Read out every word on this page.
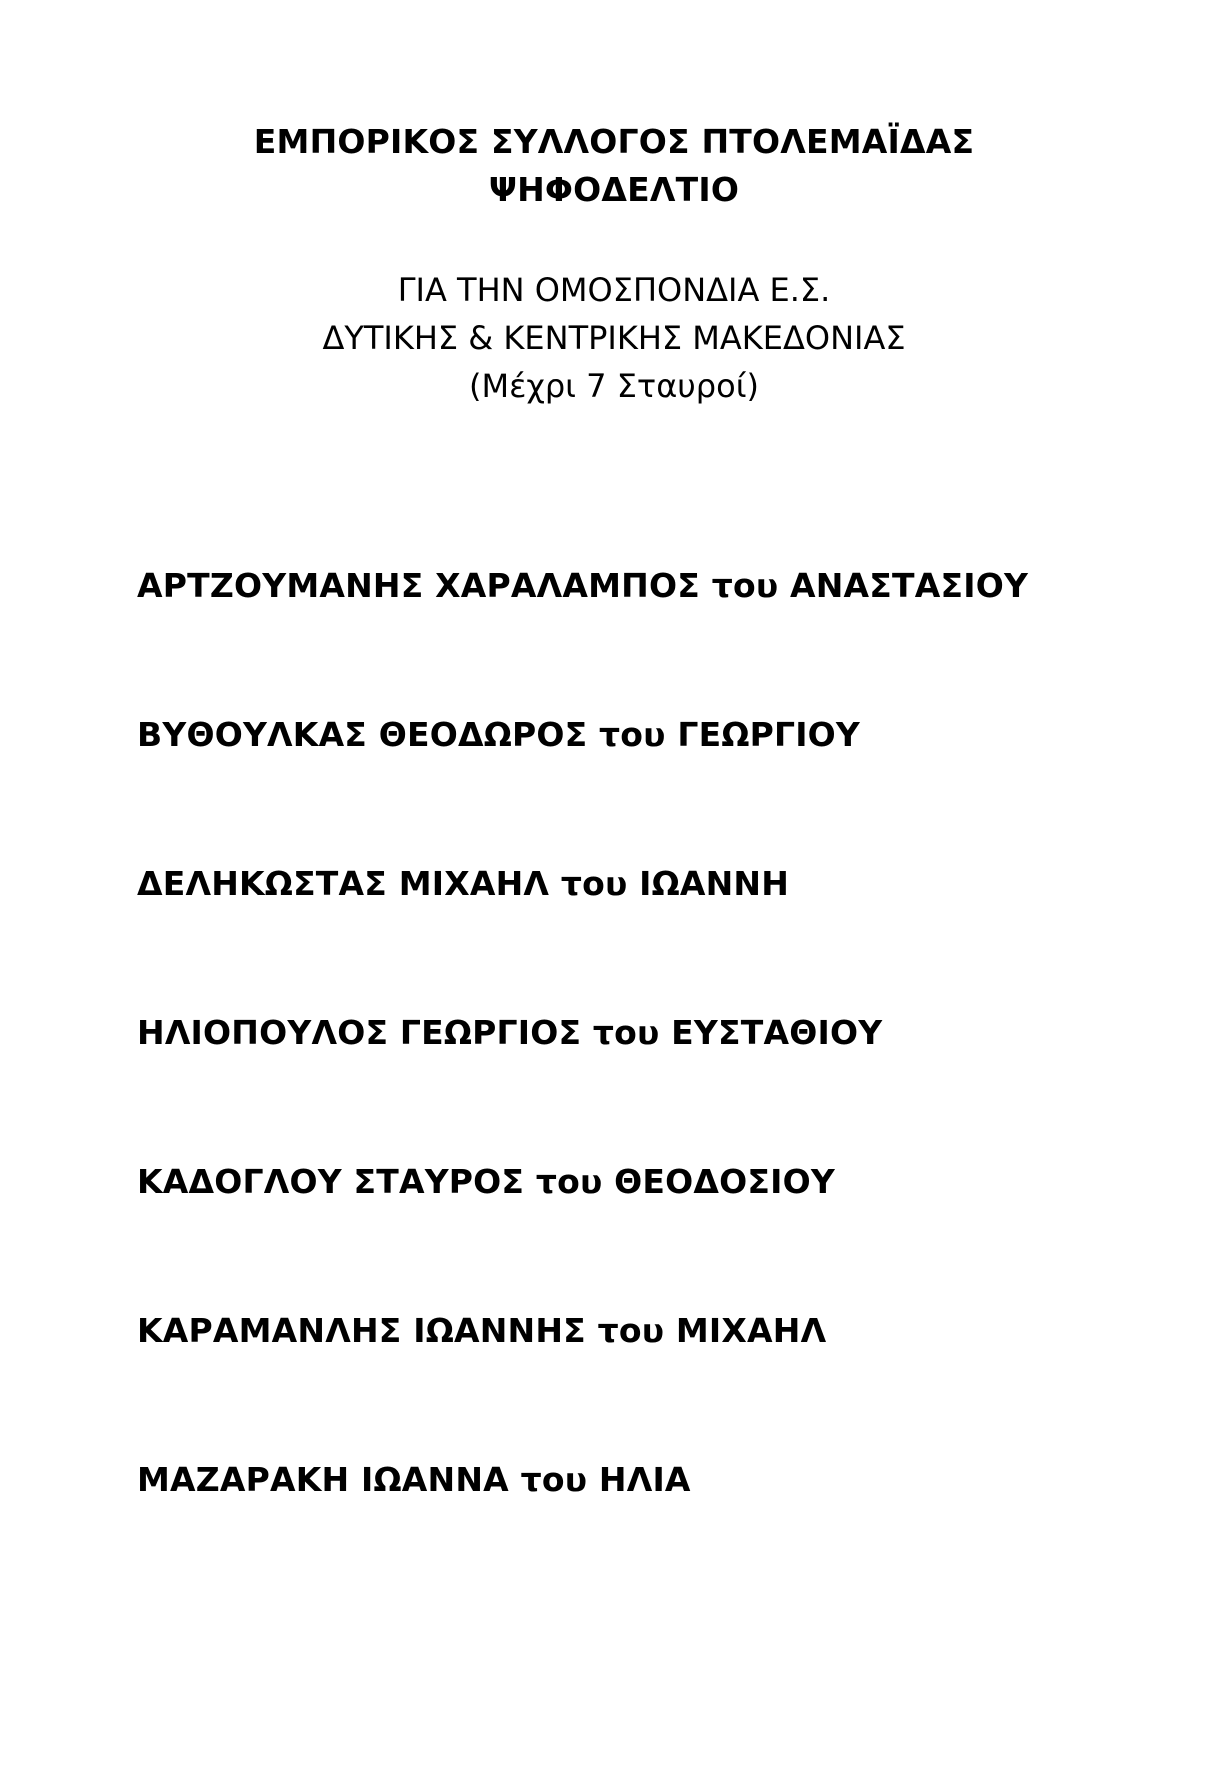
ΕΜΠΟΡΙΚΟΣ ΣΥΛΛΟΓΟΣ ΠΤΟΛΕΜΑΪΔΑΣ
ΨΗΦΟΔΕΛΤΙΟ
ΓΙΑ ΤΗΝ ΟΜΟΣΠΟΝΔΙΑ Ε.Σ.
ΔΥΤΙΚΗΣ & ΚΕΝΤΡΙΚΗΣ ΜΑΚΕΔΟΝΙΑΣ
(Μέχρι 7 Σταυροί)
ΑΡΤΖΟΥΜΑΝΗΣ ΧΑΡΑΛΑΜΠΟΣ του ΑΝΑΣΤΑΣΙΟΥ
ΒΥΘΟΥΛΚΑΣ ΘΕΟΔΩΡΟΣ του ΓΕΩΡΓΙΟΥ
ΔΕΛΗΚΩΣΤΑΣ ΜΙΧΑΗΛ του ΙΩΑΝΝΗ
ΗΛΙΟΠΟΥΛΟΣ ΓΕΩΡΓΙΟΣ του ΕΥΣΤΑΘΙΟΥ
ΚΑΔΟΓΛΟΥ ΣΤΑΥΡΟΣ του ΘΕΟΔΟΣΙΟΥ
ΚΑΡΑΜΑΝΛΗΣ ΙΩΑΝΝΗΣ του ΜΙΧΑΗΛ
ΜΑΖΑΡΑΚΗ ΙΩΑΝΝΑ του ΗΛΙΑ
